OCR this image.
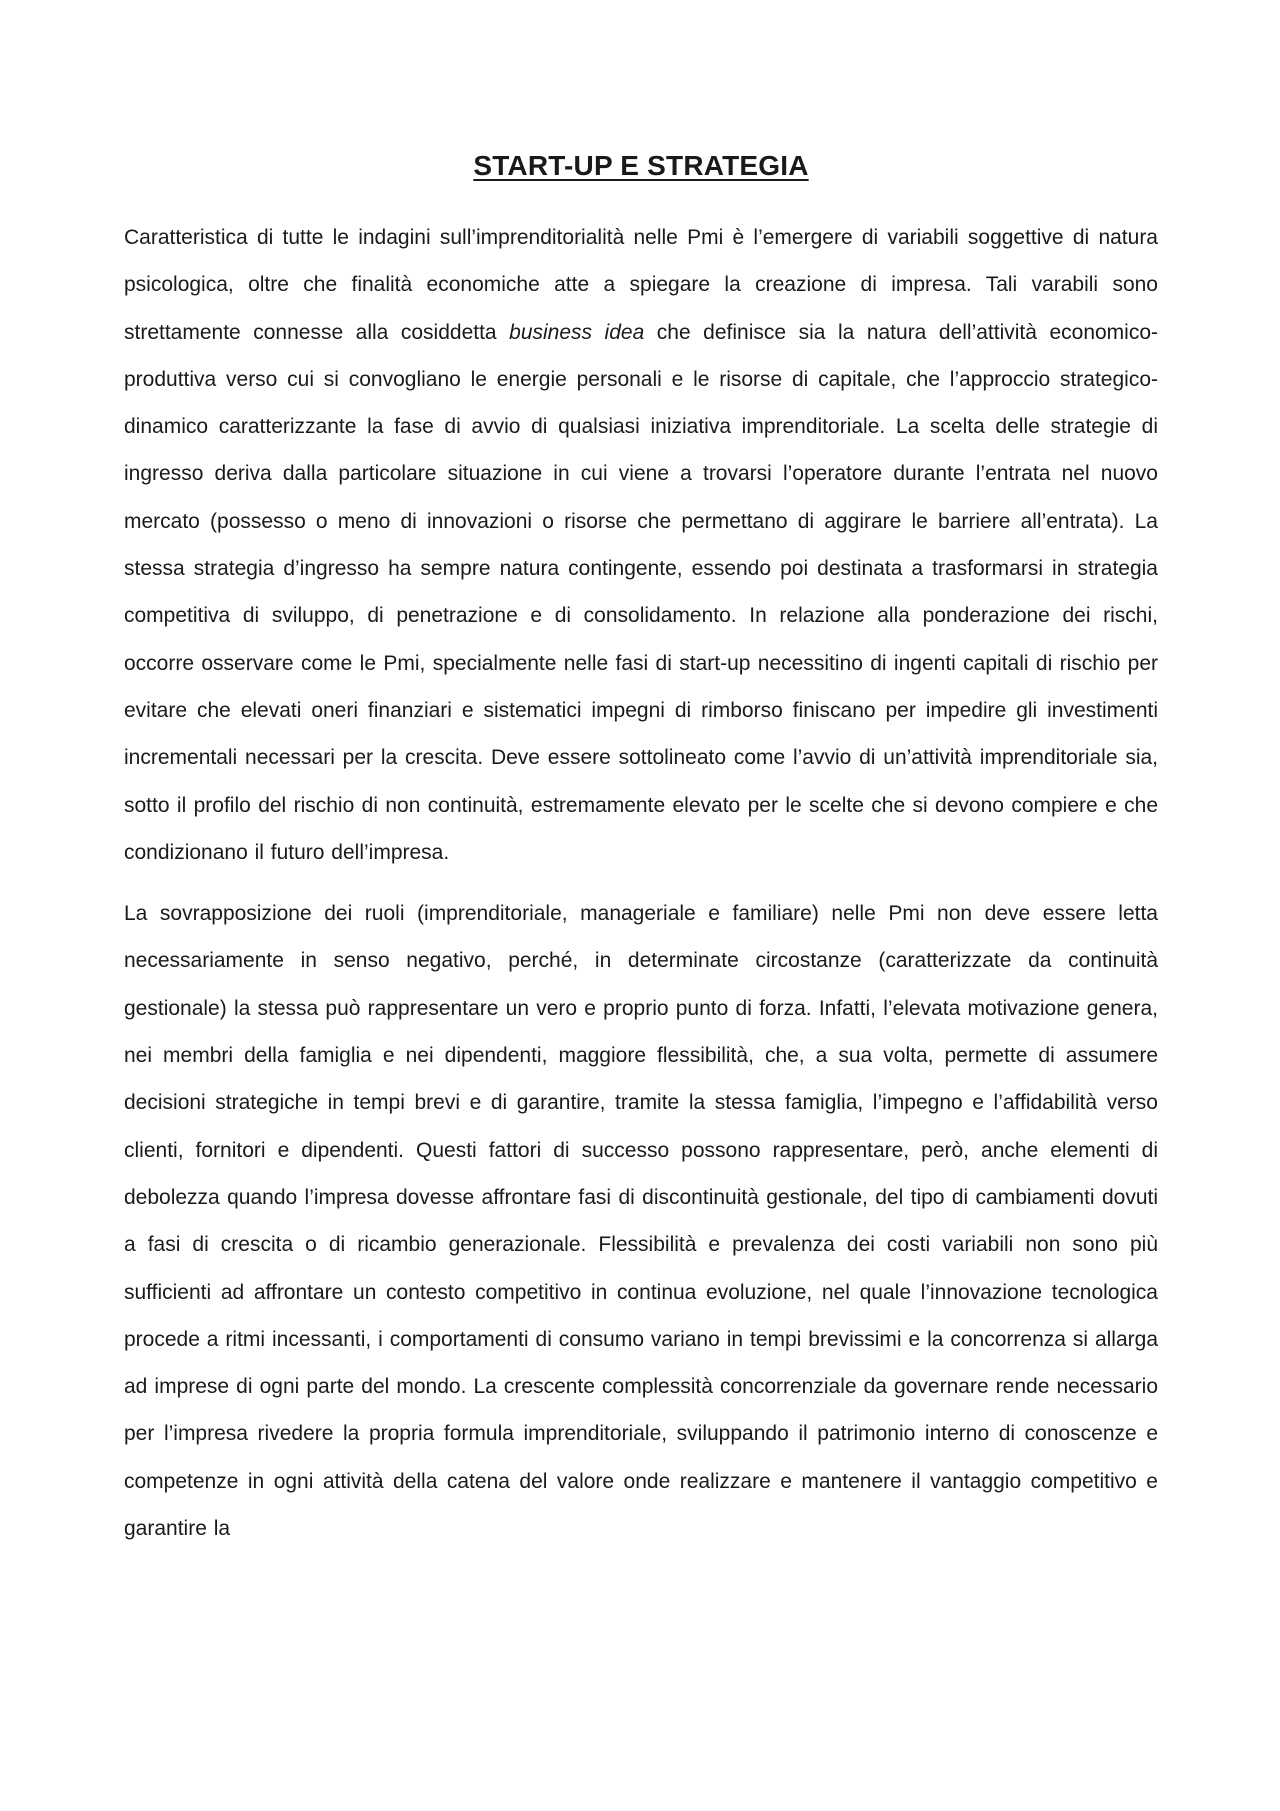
START-UP E STRATEGIA

Caratteristica di tutte le indagini sull’imprenditorialità nelle Pmi è l’emergere di variabili soggettive di natura psicologica, oltre che finalità economiche atte a spiegare la creazione di impresa. Tali varabili sono strettamente connesse alla cosiddetta business idea che definisce sia la natura dell’attività economico-produttiva verso cui si convogliano le energie personali e le risorse di capitale, che l’approccio strategico-dinamico caratterizzante la fase di avvio di qualsiasi iniziativa imprenditoriale. La scelta delle strategie di ingresso deriva dalla particolare situazione in cui viene a trovarsi l’operatore durante l’entrata nel nuovo mercato (possesso o meno di innovazioni o risorse che permettano di aggirare le barriere all’entrata). La stessa strategia d’ingresso ha sempre natura contingente, essendo poi destinata a trasformarsi in strategia competitiva di sviluppo, di penetrazione e di consolidamento. In relazione alla ponderazione dei rischi, occorre osservare come le Pmi, specialmente nelle fasi di start-up necessitino di ingenti capitali di rischio per evitare che elevati oneri finanziari e sistematici impegni di rimborso finiscano per impedire gli investimenti incrementali necessari per la crescita. Deve essere sottolineato come l’avvio di un’attività imprenditoriale sia, sotto il profilo del rischio di non continuità, estremamente elevato per le scelte che si devono compiere e che condizionano il futuro dell’impresa.

La sovrapposizione dei ruoli (imprenditoriale, manageriale e familiare) nelle Pmi non deve essere letta necessariamente in senso negativo, perché, in determinate circostanze (caratterizzate da continuità gestionale) la stessa può rappresentare un vero e proprio punto di forza. Infatti, l’elevata motivazione genera, nei membri della famiglia e nei dipendenti, maggiore flessibilità, che, a sua volta, permette di assumere decisioni strategiche in tempi brevi e di garantire, tramite la stessa famiglia, l’impegno e l’affidabilità verso clienti, fornitori e dipendenti. Questi fattori di successo possono rappresentare, però, anche elementi di debolezza quando l’impresa dovesse affrontare fasi di discontinuità gestionale, del tipo di cambiamenti dovuti a fasi di crescita o di ricambio generazionale. Flessibilità e prevalenza dei costi variabili non sono più sufficienti ad affrontare un contesto competitivo in continua evoluzione, nel quale l’innovazione tecnologica procede a ritmi incessanti, i comportamenti di consumo variano in tempi brevissimi e la concorrenza si allarga ad imprese di ogni parte del mondo. La crescente complessità concorrenziale da governare rende necessario per l’impresa rivedere la propria formula imprenditoriale, sviluppando il patrimonio interno di conoscenze e competenze in ogni attività della catena del valore onde realizzare e mantenere il vantaggio competitivo e garantire la
